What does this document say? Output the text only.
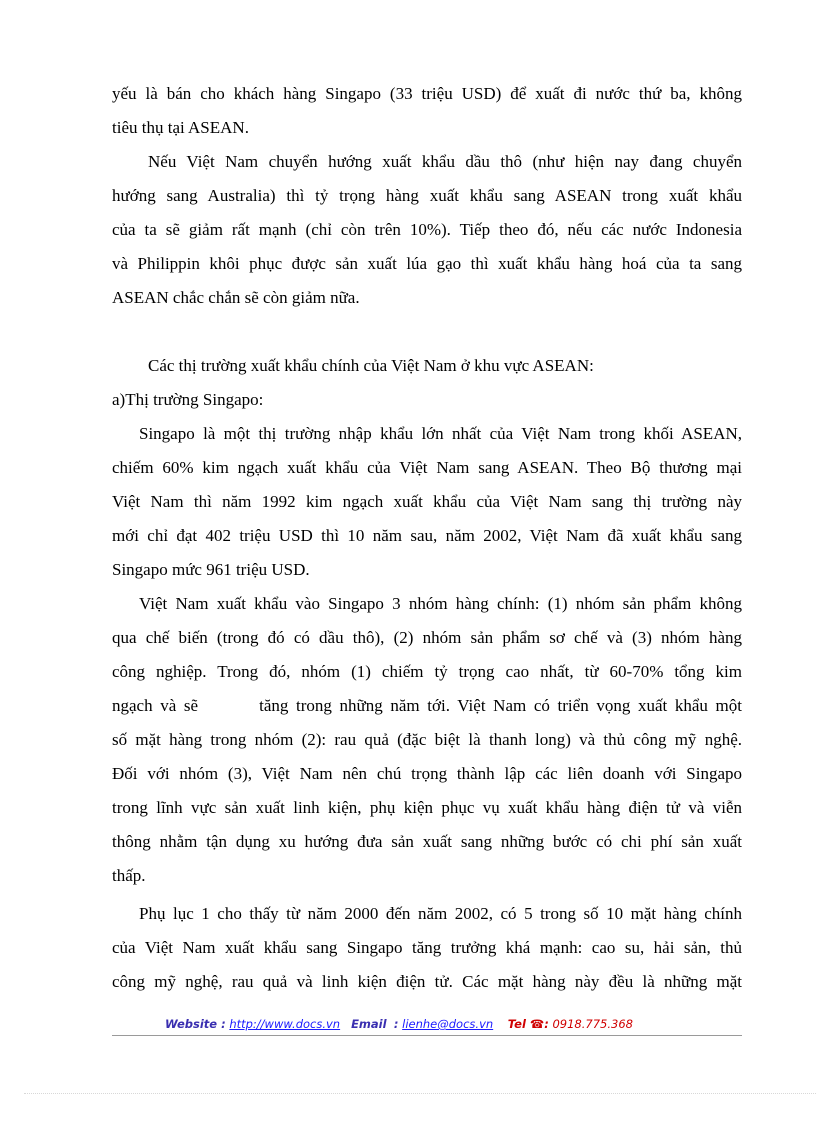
yếu là bán cho khách hàng Singapo (33 triệu USD) để xuất đi nước thứ ba, không
tiêu thụ tại ASEAN.
Nếu Việt Nam chuyển hướng xuất khẩu dầu thô (như hiện nay đang chuyển
hướng sang Australia) thì tỷ trọng hàng xuất khẩu sang ASEAN trong xuất khẩu
của ta sẽ giảm rất mạnh (chỉ còn trên 10%). Tiếp theo đó, nếu các nước Indonesia
và Philippin khôi phục được sản xuất lúa gạo thì xuất khẩu hàng hoá của ta sang
ASEAN chắc chắn sẽ còn giảm nữa.
Các thị trường xuất khẩu chính của Việt Nam ở khu vực ASEAN:
a)Thị trường Singapo:
Singapo là một thị trường nhập khẩu lớn nhất của Việt Nam trong khối ASEAN,
chiếm 60% kim ngạch xuất khẩu của Việt Nam sang ASEAN. Theo Bộ thương mại
Việt Nam thì năm 1992 kim ngạch xuất khẩu của Việt Nam sang thị trường này
mới chỉ đạt 402 triệu USD thì 10 năm sau, năm 2002, Việt Nam đã xuất khẩu sang
Singapo mức 961 triệu USD.
Việt Nam xuất khẩu vào Singapo 3 nhóm hàng chính: (1) nhóm sản phẩm không
qua chế biến (trong đó có dầu thô), (2) nhóm sản phẩm sơ chế và (3) nhóm hàng
công nghiệp. Trong đó, nhóm (1) chiếm tỷ trọng cao nhất, từ 60-70% tổng kim
ngạch và sẽ        tăng trong những năm tới. Việt Nam có triển vọng xuất khẩu một
số mặt hàng trong nhóm (2): rau quả (đặc biệt là thanh long) và thủ công mỹ nghệ.
Đối với nhóm (3), Việt Nam nên chú trọng thành lập các liên doanh với Singapo
trong lĩnh vực sản xuất linh kiện, phụ kiện phục vụ xuất khẩu hàng điện tử và viễn
thông nhằm tận dụng xu hướng đưa sản xuất sang những bước có chi phí sản xuất
thấp.
Phụ lục 1 cho thấy từ năm 2000 đến năm 2002, có 5 trong số 10 mặt hàng chính
của Việt Nam xuất khẩu sang Singapo tăng trưởng khá mạnh: cao su, hải sản, thủ
công mỹ nghệ, rau quả và linh kiện điện tử. Các mặt hàng này đều là những mặt
Website : http://www.docs.vn Email : lienhe@docs.vn Tel ☎: 0918.775.368
